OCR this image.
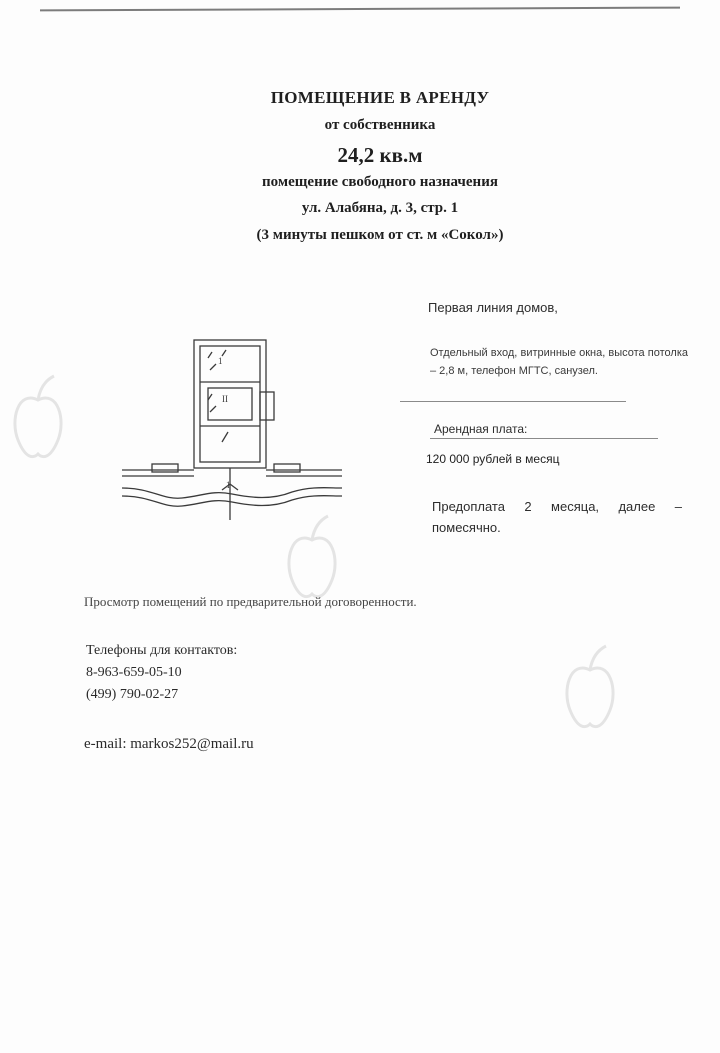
ПОМЕЩЕНИЕ В АРЕНДУ
от собственника
24,2 кв.м
помещение свободного назначения
ул. Алабяна, д. 3, стр. 1
(3 минуты пешком от ст. м «Сокол»)
1
II
1
Первая линия домов,
Отдельный вход, витринные окна, высота потолка – 2,8 м, телефон МГТС, санузел.
Арендная плата:
120 000 рублей в месяц
Предоплата 2 месяца, далее – помесячно.
Просмотр помещений по предварительной договоренности.
Телефоны для контактов:
8-963-659-05-10
(499) 790-02-27
e-mail: markos252@mail.ru
